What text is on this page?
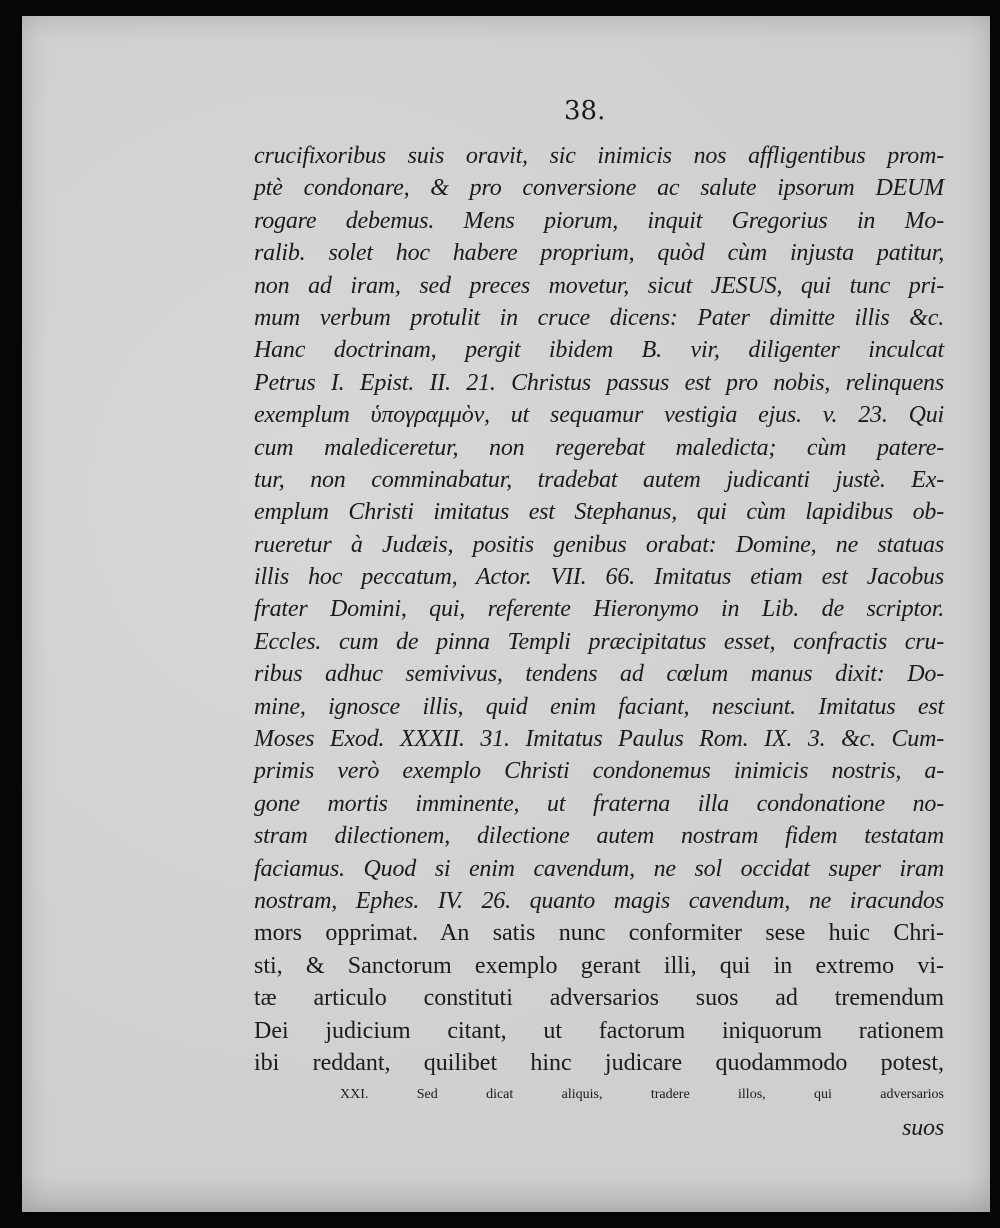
38.
crucifixoribus suis oravit, sic inimicis nos affligentibus prom-
ptè condonare, & pro conversione ac salute ipsorum DEUM
rogare debemus. Mens piorum, inquit Gregorius in Mo-
ralib. solet hoc habere proprium, quòd cùm injusta patitur,
non ad iram, sed preces movetur, sicut JESUS, qui tunc pri-
mum verbum protulit in cruce dicens: Pater dimitte illis &c.
Hanc doctrinam, pergit ibidem B. vir, diligenter inculcat
Petrus I. Epist. II. 21. Christus passus est pro nobis, relinquens
exemplum ὑπογραμμὸν, ut sequamur vestigia ejus. v. 23. Qui
cum malediceretur, non regerebat maledicta; cùm patere-
tur, non comminabatur, tradebat autem judicanti justè. Ex-
emplum Christi imitatus est Stephanus, qui cùm lapidibus ob-
rueretur à Judæis, positis genibus orabat: Domine, ne statuas
illis hoc peccatum, Actor. VII. 66. Imitatus etiam est Jacobus
frater Domini, qui, referente Hieronymo in Lib. de scriptor.
Eccles. cum de pinna Templi præcipitatus esset, confractis cru-
ribus adhuc semivivus, tendens ad cœlum manus dixit: Do-
mine, ignosce illis, quid enim faciant, nesciunt. Imitatus est
Moses Exod. XXXII. 31. Imitatus Paulus Rom. IX. 3. &c. Cum-
primis verò exemplo Christi condonemus inimicis nostris, a-
gone mortis imminente, ut fraterna illa condonatione no-
stram dilectionem, dilectione autem nostram fidem testatam
faciamus. Quod si enim cavendum, ne sol occidat super iram
nostram, Ephes. IV. 26. quanto magis cavendum, ne iracundos
mors opprimat. An satis nunc conformiter sese huic Chri-
sti, & Sanctorum exemplo gerant illi, qui in extremo vi-
tæ articulo constituti adversarios suos ad tremendum
Dei judicium citant, ut factorum iniquorum rationem
ibi reddant, quilibet hinc judicare quodammodo potest,
XXI. Sed dicat aliquis, tradere illos, qui adversarios
suos
